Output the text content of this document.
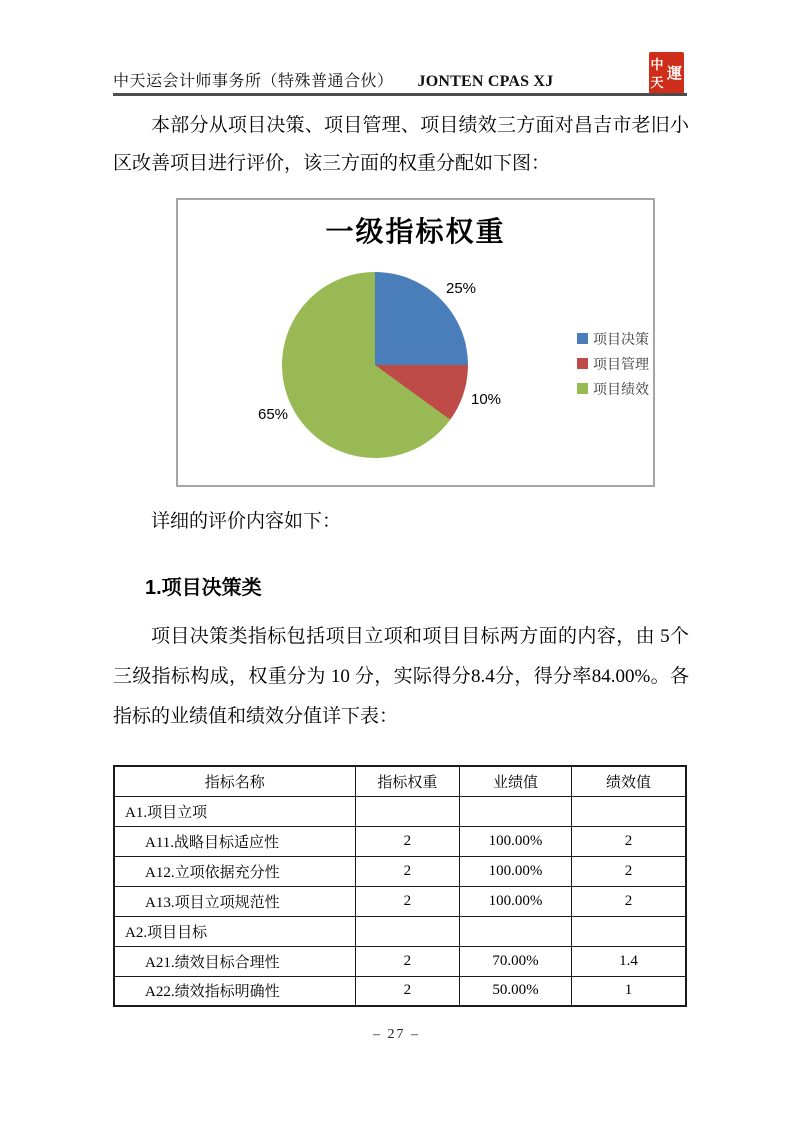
中天运会计师事务所（特殊普通合伙） JONTEN CPAS XJ
中
天
運
本部分从项目决策、项目管理、项目绩效三方面对昌吉市老旧小区改善项目进行评价，该三方面的权重分配如下图：
一级指标权重
25%
10%
65%
项目决策
项目管理
项目绩效
详细的评价内容如下：
1.项目决策类
项目决策类指标包括项目立项和项目目标两方面的内容，由 5个三级指标构成，权重分为 10 分，实际得分8.4分，得分率84.00%。各指标的业绩值和绩效分值详下表：
指标名称	指标权重	业绩值	绩效值
A1.项目立项			
A11.战略目标适应性	2	100.00%	2
A12.立项依据充分性	2	100.00%	2
A13.项目立项规范性	2	100.00%	2
A2.项目目标			
A21.绩效目标合理性	2	70.00%	1.4
A22.绩效指标明确性	2	50.00%	1
– 27 –
